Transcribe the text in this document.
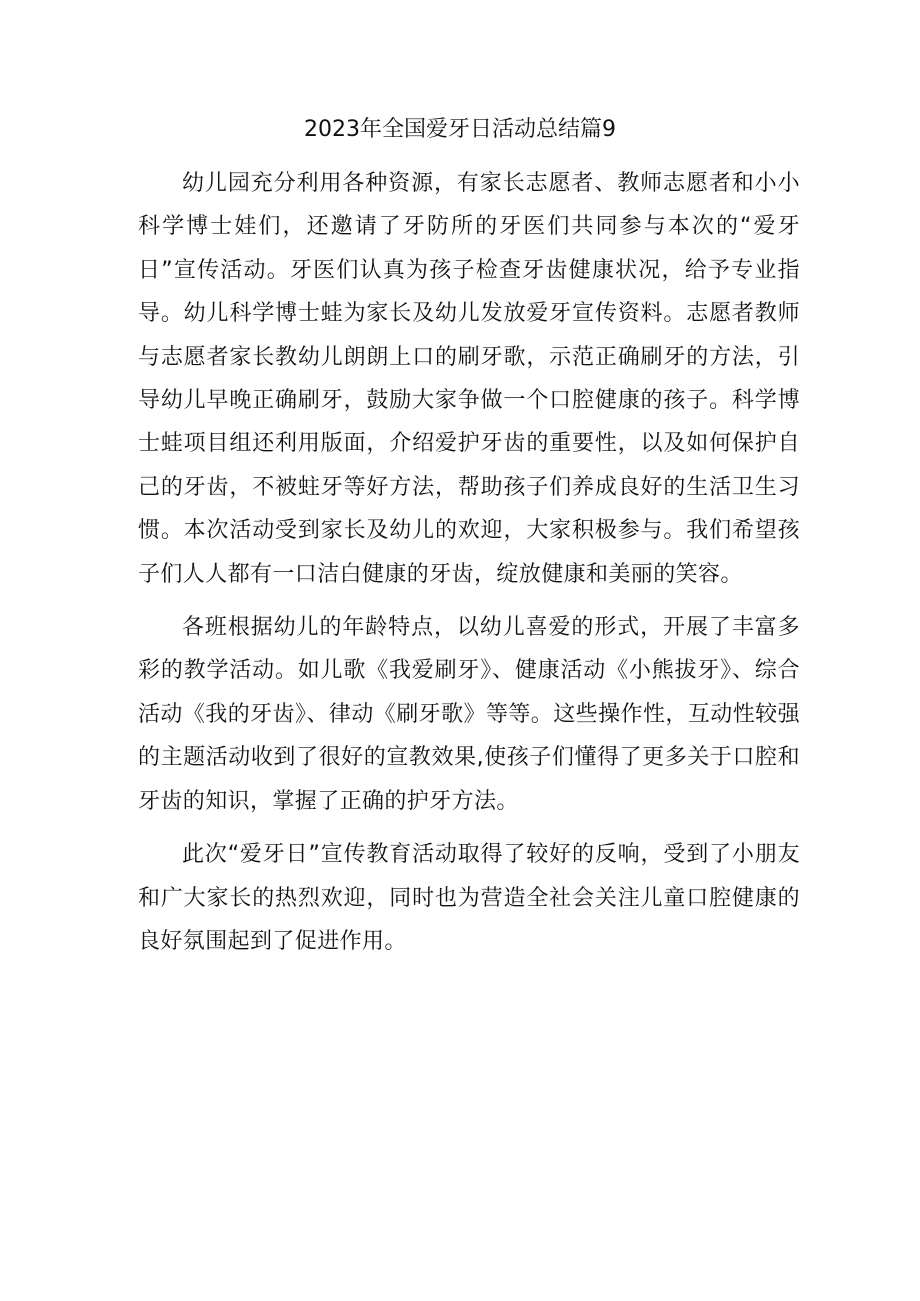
2023年全国爱牙日活动总结篇9

幼儿园充分利用各种资源，有家长志愿者、教师志愿者和小小科学博士娃们，还邀请了牙防所的牙医们共同参与本次的“爱牙日”宣传活动。牙医们认真为孩子检查牙齿健康状况，给予专业指导。幼儿科学博士蛙为家长及幼儿发放爱牙宣传资料。志愿者教师与志愿者家长教幼儿朗朗上口的刷牙歌，示范正确刷牙的方法，引导幼儿早晚正确刷牙，鼓励大家争做一个口腔健康的孩子。科学博士蛙项目组还利用版面，介绍爱护牙齿的重要性，以及如何保护自己的牙齿，不被蛀牙等好方法，帮助孩子们养成良好的生活卫生习惯。本次活动受到家长及幼儿的欢迎，大家积极参与。我们希望孩子们人人都有一口洁白健康的牙齿，绽放健康和美丽的笑容。

各班根据幼儿的年龄特点，以幼儿喜爱的形式，开展了丰富多彩的教学活动。如儿歌《我爱刷牙》、健康活动《小熊拔牙》、综合活动《我的牙齿》、律动《刷牙歌》等等。这些操作性，互动性较强的主题活动收到了很好的宣教效果,使孩子们懂得了更多关于口腔和牙齿的知识，掌握了正确的护牙方法。

此次“爱牙日”宣传教育活动取得了较好的反响，受到了小朋友和广大家长的热烈欢迎，同时也为营造全社会关注儿童口腔健康的良好氛围起到了促进作用。
